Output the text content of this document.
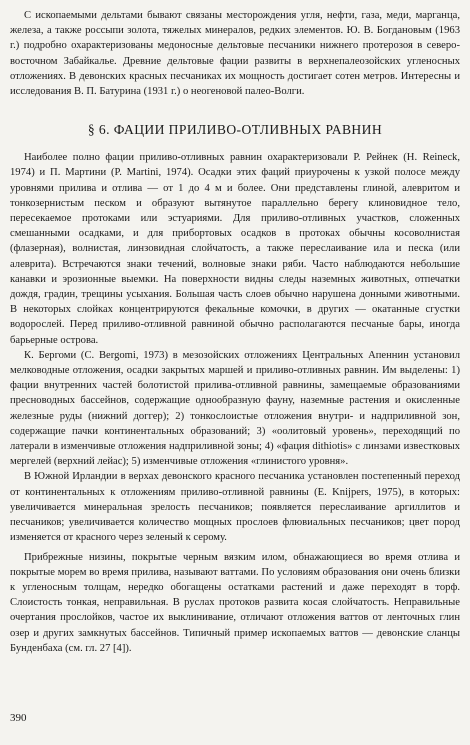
С ископаемыми дельтами бывают связаны месторождения угля, нефти, газа, меди, марганца, железа, а также россыпи золота, тяжелых минералов, редких элементов. Ю. В. Богдановым (1963 г.) подробно охарактеризованы медоносные дельтовые песчаники нижнего протерозоя в северо-восточном Забайкалье. Древние дельтовые фации развиты в верхнепалеозойских угленосных отложениях. В девонских красных песчаниках их мощность достигает сотен метров. Интересны и исследования В. П. Батурина (1931 г.) о неогеновой палео-Волги.

§ 6. ФАЦИИ ПРИЛИВО-ОТЛИВНЫХ РАВНИН

Наиболее полно фации приливо-отливных равнин охарактеризовали Р. Рейнек (H. Reineck, 1974) и П. Мартини (P. Martini, 1974). Осадки этих фаций приурочены к узкой полосе между уровнями прилива и отлива — от 1 до 4 м и более. Они представлены глиной, алевритом и тонкозернистым песком и образуют вытянутое параллельно берегу клиновидное тело, пересекаемое протоками или эстуариями. Для приливо-отливных участков, сложенных смешанными осадками, и для прибортовых осадков в протоках обычны косоволнистая (флазерная), волнистая, линзовидная слойчатость, а также переслаивание ила и песка (или алеврита). Встречаются знаки течений, волновые знаки ряби. Часто наблюдаются небольшие канавки и эрозионные выемки. На поверхности видны следы наземных животных, отпечатки дождя, градин, трещины усыхания. Большая часть слоев обычно нарушена донными животными. В некоторых слойках концентрируются фекальные комочки, в других — окатанные сгустки водорослей. Перед приливо-отливной равниной обычно располагаются песчаные бары, иногда барьерные острова.

К. Бергоми (C. Bergomi, 1973) в мезозойских отложениях Центральных Апеннин установил мелководные отложения, осадки закрытых маршей и приливо-отливных равнин. Им выделены: 1) фации внутренних частей болотистой прилива-отливной равнины, замещаемые образованиями пресноводных бассейнов, содержащие однообразную фауну, наземные растения и окисленные железные руды (нижний доггер); 2) тонкослоистые отложения внутри- и надприливной зон, содержащие пачки континентальных образований; 3) «оолитовый уровень», переходящий по латерали в изменчивые отложения надприливной зоны; 4) «фация dithiotis» с линзами известковых мергелей (верхний лейас); 5) изменчивые отложения «глинистого уровня».

В Южной Ирландии в верхах девонского красного песчаника установлен постепенный переход от континентальных к отложениям приливо-отливной равнины (E. Knijpers, 1975), в которых: увеличивается минеральная зрелость песчаников; появляется переслаивание аргиллитов и песчаников; увеличивается количество мощных прослоев флювиальных песчаников; цвет пород изменяется от красного через зеленый к серому.

Прибрежные низины, покрытые черным вязким илом, обнажающиеся во время отлива и покрытые морем во время прилива, называют ваттами. По условиям образования они очень близки к угленосным толщам, нередко обогащены остатками растений и даже переходят в торф. Слоистость тонкая, неправильная. В руслах протоков развита косая слойчатость. Неправильные очертания прослойков, частое их выклинивание, отличают отложения ваттов от ленточных глин озер и других замкнутых бассейнов. Типичный пример ископаемых ваттов — девонские сланцы Бунденбаха (см. гл. 27 [4]).

390
